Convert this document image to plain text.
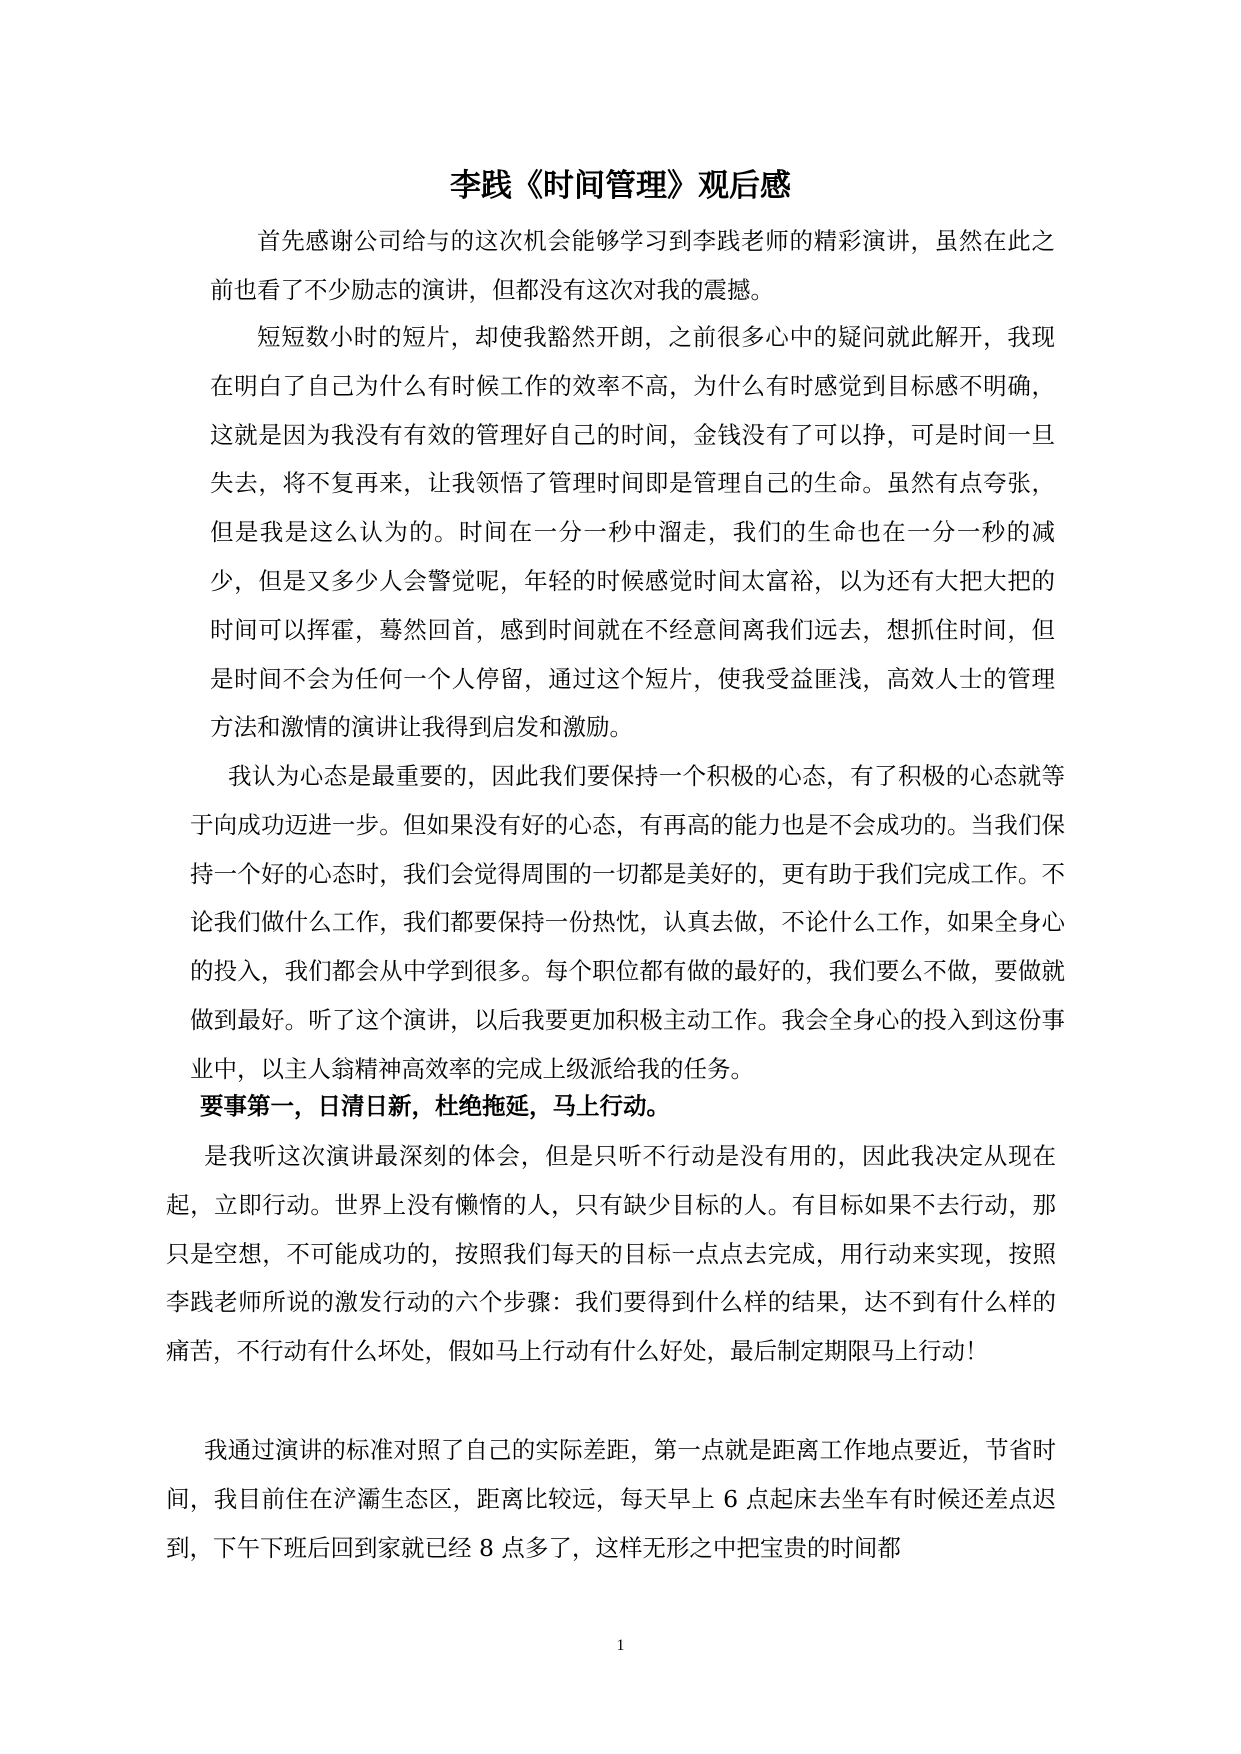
李践《时间管理》观后感

首先感谢公司给与的这次机会能够学习到李践老师的精彩演讲，虽然在此之前也看了不少励志的演讲，但都没有这次对我的震撼。

短短数小时的短片，却使我豁然开朗，之前很多心中的疑问就此解开，我现在明白了自己为什么有时候工作的效率不高，为什么有时感觉到目标感不明确，这就是因为我没有有效的管理好自己的时间，金钱没有了可以挣，可是时间一旦失去，将不复再来，让我领悟了管理时间即是管理自己的生命。虽然有点夸张，但是我是这么认为的。时间在一分一秒中溜走，我们的生命也在一分一秒的减少，但是又多少人会警觉呢，年轻的时候感觉时间太富裕，以为还有大把大把的时间可以挥霍，蓦然回首，感到时间就在不经意间离我们远去，想抓住时间，但是时间不会为任何一个人停留，通过这个短片，使我受益匪浅，高效人士的管理方法和激情的演讲让我得到启发和激励。

我认为心态是最重要的，因此我们要保持一个积极的心态，有了积极的心态就等于向成功迈进一步。但如果没有好的心态，有再高的能力也是不会成功的。当我们保持一个好的心态时，我们会觉得周围的一切都是美好的，更有助于我们完成工作。不论我们做什么工作，我们都要保持一份热忱，认真去做，不论什么工作，如果全身心的投入，我们都会从中学到很多。每个职位都有做的最好的，我们要么不做，要做就做到最好。听了这个演讲，以后我要更加积极主动工作。我会全身心的投入到这份事业中，以主人翁精神高效率的完成上级派给我的任务。

要事第一，日清日新，杜绝拖延，马上行动。

是我听这次演讲最深刻的体会，但是只听不行动是没有用的，因此我决定从现在起，立即行动。世界上没有懒惰的人，只有缺少目标的人。有目标如果不去行动，那只是空想，不可能成功的，按照我们每天的目标一点点去完成，用行动来实现，按照李践老师所说的激发行动的六个步骤：我们要得到什么样的结果，达不到有什么样的痛苦，不行动有什么坏处，假如马上行动有什么好处，最后制定期限马上行动！

我通过演讲的标准对照了自己的实际差距，第一点就是距离工作地点要近，节省时间，我目前住在浐灞生态区，距离比较远，每天早上 6 点起床去坐车有时候还差点迟到，下午下班后回到家就已经 8 点多了，这样无形之中把宝贵的时间都

1
